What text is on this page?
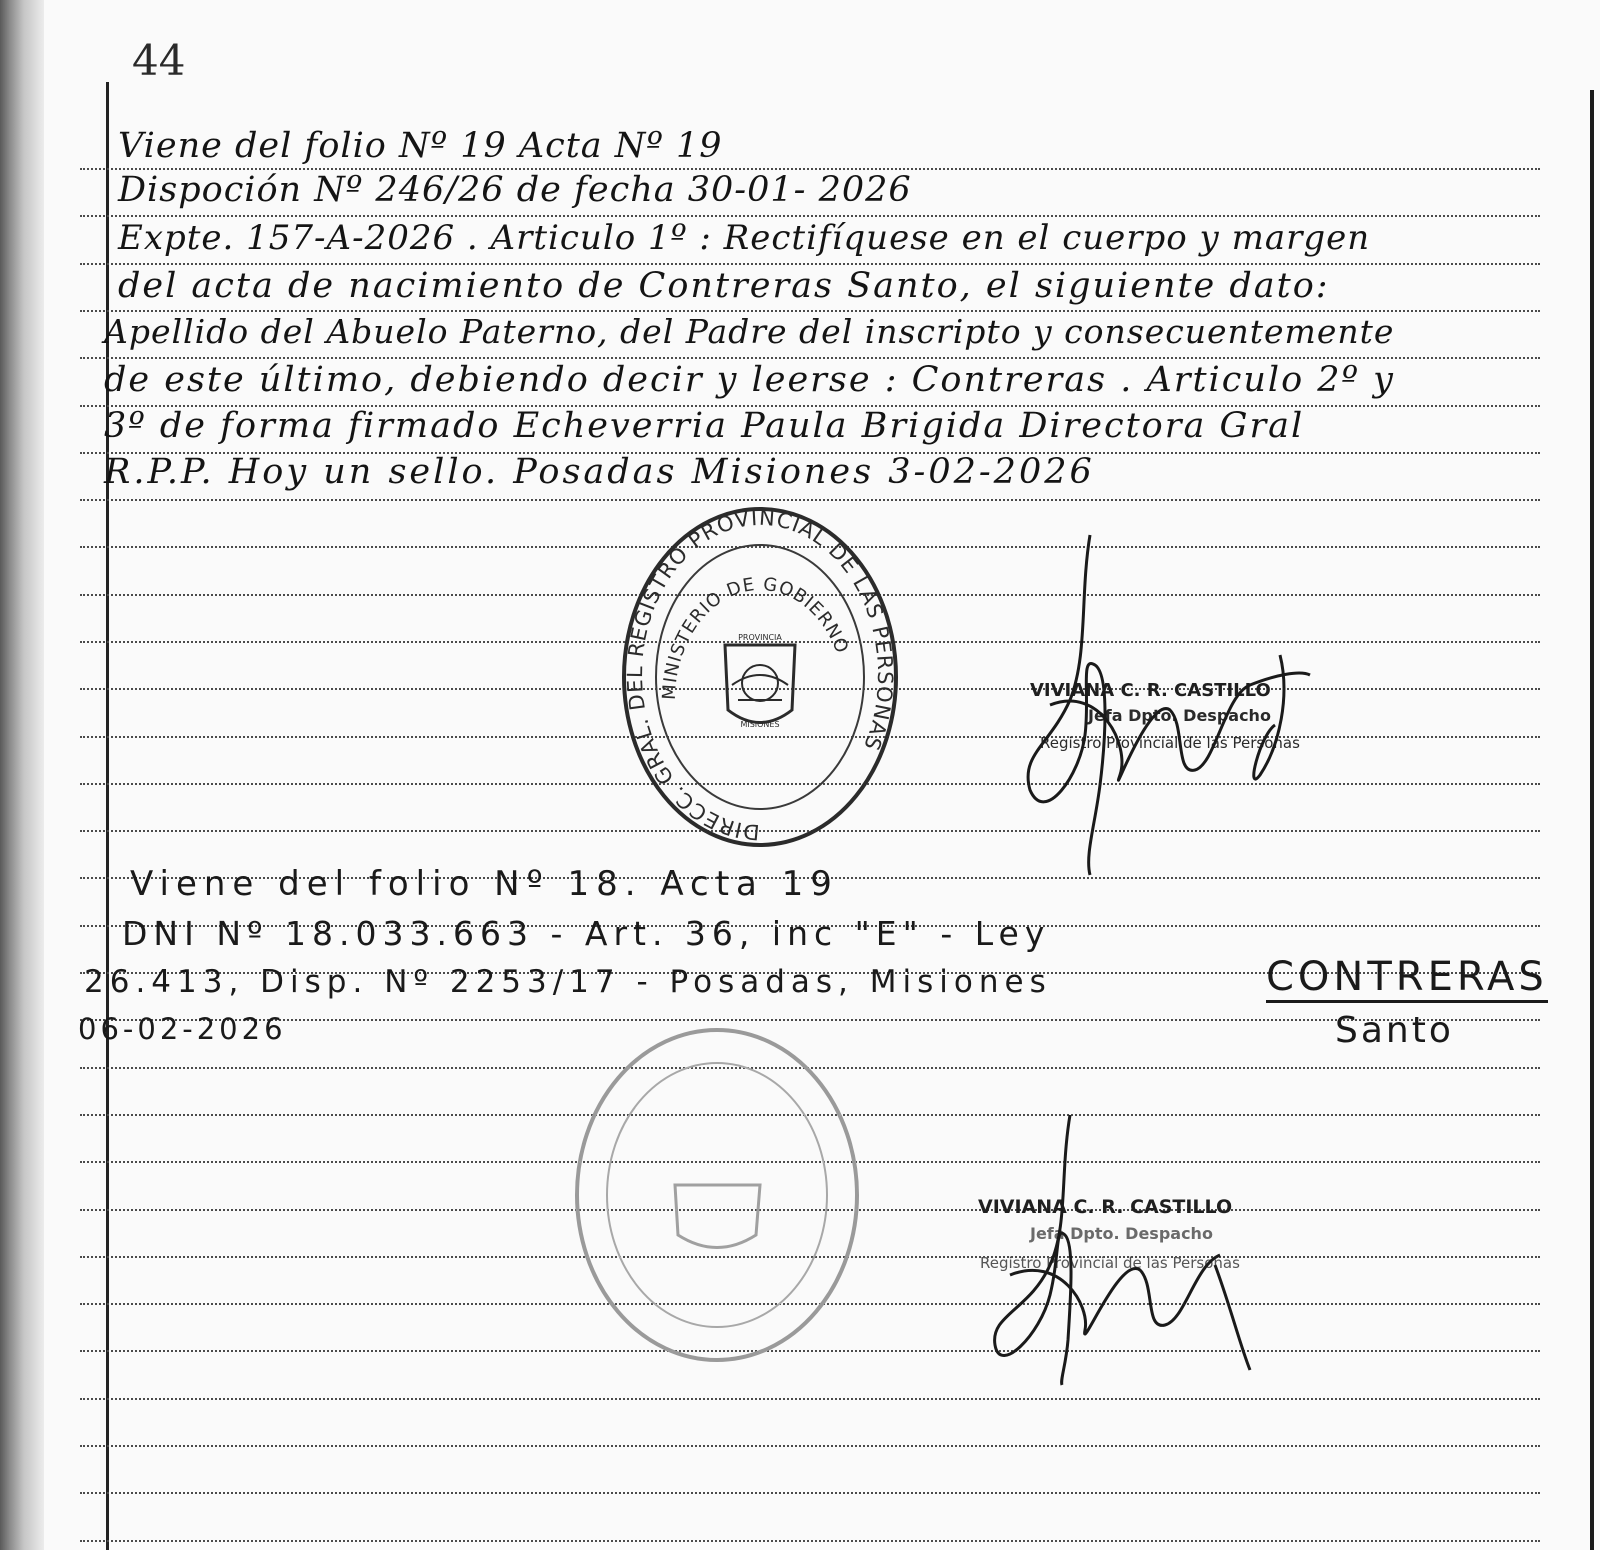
44
Viene del folio Nº 19 Acta Nº 19
Dispoción Nº 246/26 de fecha 30-01- 2026
Expte. 157-A-2026 . Articulo 1º : Rectifíquese en el cuerpo y margen
del acta de nacimiento de Contreras Santo, el siguiente dato:
Apellido del Abuelo Paterno, del Padre del inscripto y consecuentemente
de este último, debiendo decir y leerse : Contreras . Articulo 2º y
3º de forma firmado Echeverria Paula Brigida Directora Gral
R.P.P. Hoy un sello. Posadas Misiones 3-02-2026
DIRECC. GRAL. DEL REGISTRO PROVINCIAL DE LAS PERSONAS
MINISTERIO DE GOBIERNO
PROVINCIA
MISIONES
VIVIANA C. R. CASTILLO
Jefa Dpto. Despacho
Registro Provincial de las Personas
Viene del folio Nº 18. Acta 19
DNI Nº 18.033.663 - Art. 36, inc "E" - Ley
26.413, Disp. Nº 2253/17 - Posadas, Misiones
06-02-2026
CONTRERAS
Santo
VIVIANA C. R. CASTILLO
Jefa Dpto. Despacho
Registro Provincial de las Personas
